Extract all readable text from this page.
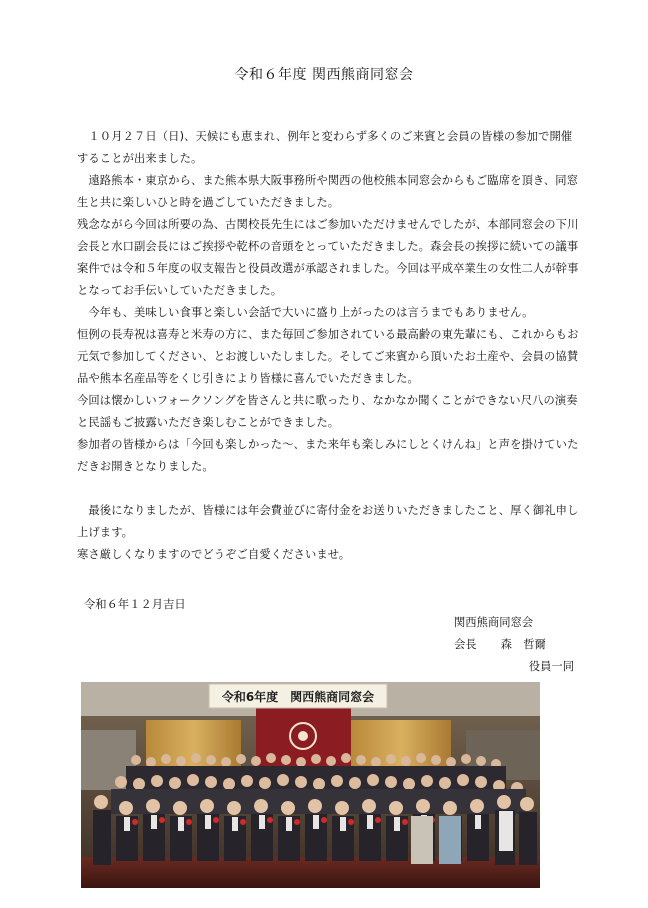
令和６年度 関西熊商同窓会

　１０月２７日（日)、天候にも恵まれ、例年と変わらず多くのご来賓と会員の皆様の参加で開催することが出来ました。

　遠路熊本・東京から、また熊本県大阪事務所や関西の他校熊本同窓会からもご臨席を頂き、同窓生と共に楽しいひと時を過ごしていただきました。

残念ながら今回は所要の為、古関校長先生にはご参加いただけませんでしたが、本部同窓会の下川会長と水口副会長にはご挨拶や乾杯の音頭をとっていただきました。森会長の挨拶に続いての議事案件では令和５年度の収支報告と役員改選が承認されました。今回は平成卒業生の女性二人が幹事となってお手伝いしていただきました。

　今年も、美味しい食事と楽しい会話で大いに盛り上がったのは言うまでもありません。

恒例の長寿祝は喜寿と米寿の方に、また毎回ご参加されている最高齢の東先輩にも、これからもお元気で参加してください、とお渡しいたしました。そしてご来賓から頂いたお土産や、会員の協賛品や熊本名産品等をくじ引きにより皆様に喜んでいただきました。

今回は懐かしいフォークソングを皆さんと共に歌ったり、なかなか聞くことができない尺八の演奏と民謡もご披露いただき楽しむことができました。

参加者の皆様からは「今回も楽しかった～、また来年も楽しみにしとくけんね」と声を掛けていただきお開きとなりました。

　最後になりましたが、皆様には年会費並びに寄付金をお送りいただきましたこと、厚く御礼申し上げます。

寒さ厳しくなりますのでどうぞご自愛くださいませ。

令和６年１２月吉日
関西熊商同窓会
会長 森　哲爾
役員一同
令和6年度　関西熊商同窓会
